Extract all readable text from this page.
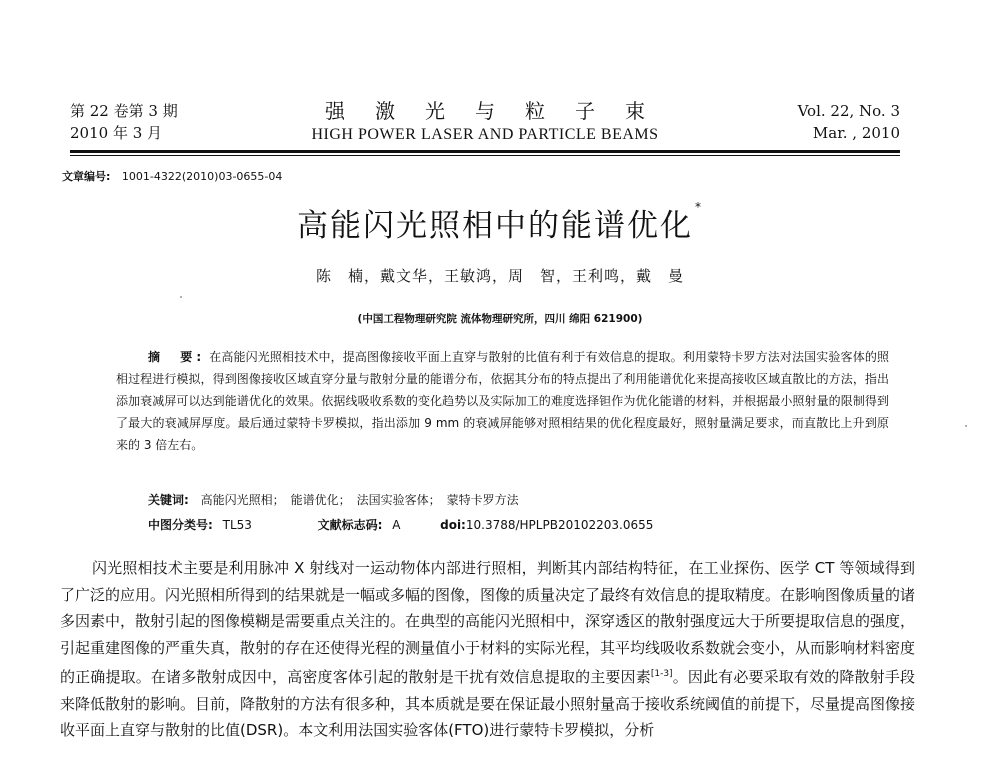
第 22 卷第 3 期
2010 年 3 月
强激光与粒子束
HIGH POWER LASER AND PARTICLE BEAMS
Vol. 22, No. 3
Mar. , 2010
文章编号: 1001-4322(2010)03-0655-04
高能闪光照相中的能谱优化*
陈　楠，戴文华，王敏鸿，周　智，王利鸣，戴　曼
(中国工程物理研究院 流体物理研究所，四川 绵阳 621900)
摘　要: 在高能闪光照相技术中，提高图像接收平面上直穿与散射的比值有利于有效信息的提取。利用蒙特卡罗方法对法国实验客体的照相过程进行模拟，得到图像接收区域直穿分量与散射分量的能谱分布，依据其分布的特点提出了利用能谱优化来提高接收区域直散比的方法，指出添加衰减屏可以达到能谱优化的效果。依据线吸收系数的变化趋势以及实际加工的难度选择钽作为优化能谱的材料，并根据最小照射量的限制得到了最大的衰减屏厚度。最后通过蒙特卡罗模拟，指出添加 9 mm 的衰减屏能够对照相结果的优化程度最好，照射量满足要求，而直散比上升到原来的 3 倍左右。
关键词: 高能闪光照相；　能谱优化；　法国实验客体；　蒙特卡罗方法
中图分类号: TL53	文献标志码: A	doi:10.3788/HPLPB20102203.0655

闪光照相技术主要是利用脉冲 X 射线对一运动物体内部进行照相，判断其内部结构特征，在工业探伤、医学 CT 等领域得到了广泛的应用。闪光照相所得到的结果就是一幅或多幅的图像，图像的质量决定了最终有效信息的提取精度。在影响图像质量的诸多因素中，散射引起的图像模糊是需要重点关注的。在典型的高能闪光照相中，深穿透区的散射强度远大于所要提取信息的强度，引起重建图像的严重失真，散射的存在还使得光程的测量值小于材料的实际光程，其平均线吸收系数就会变小，从而影响材料密度的正确提取。在诸多散射成因中，高密度客体引起的散射是干扰有效信息提取的主要因素[1-3]。因此有必要采取有效的降散射手段来降低散射的影响。目前，降散射的方法有很多种，其本质就是要在保证最小照射量高于接收系统阈值的前提下，尽量提高图像接收平面上直穿与散射的比值(DSR)。本文利用法国实验客体(FTO)进行蒙特卡罗模拟，分析
